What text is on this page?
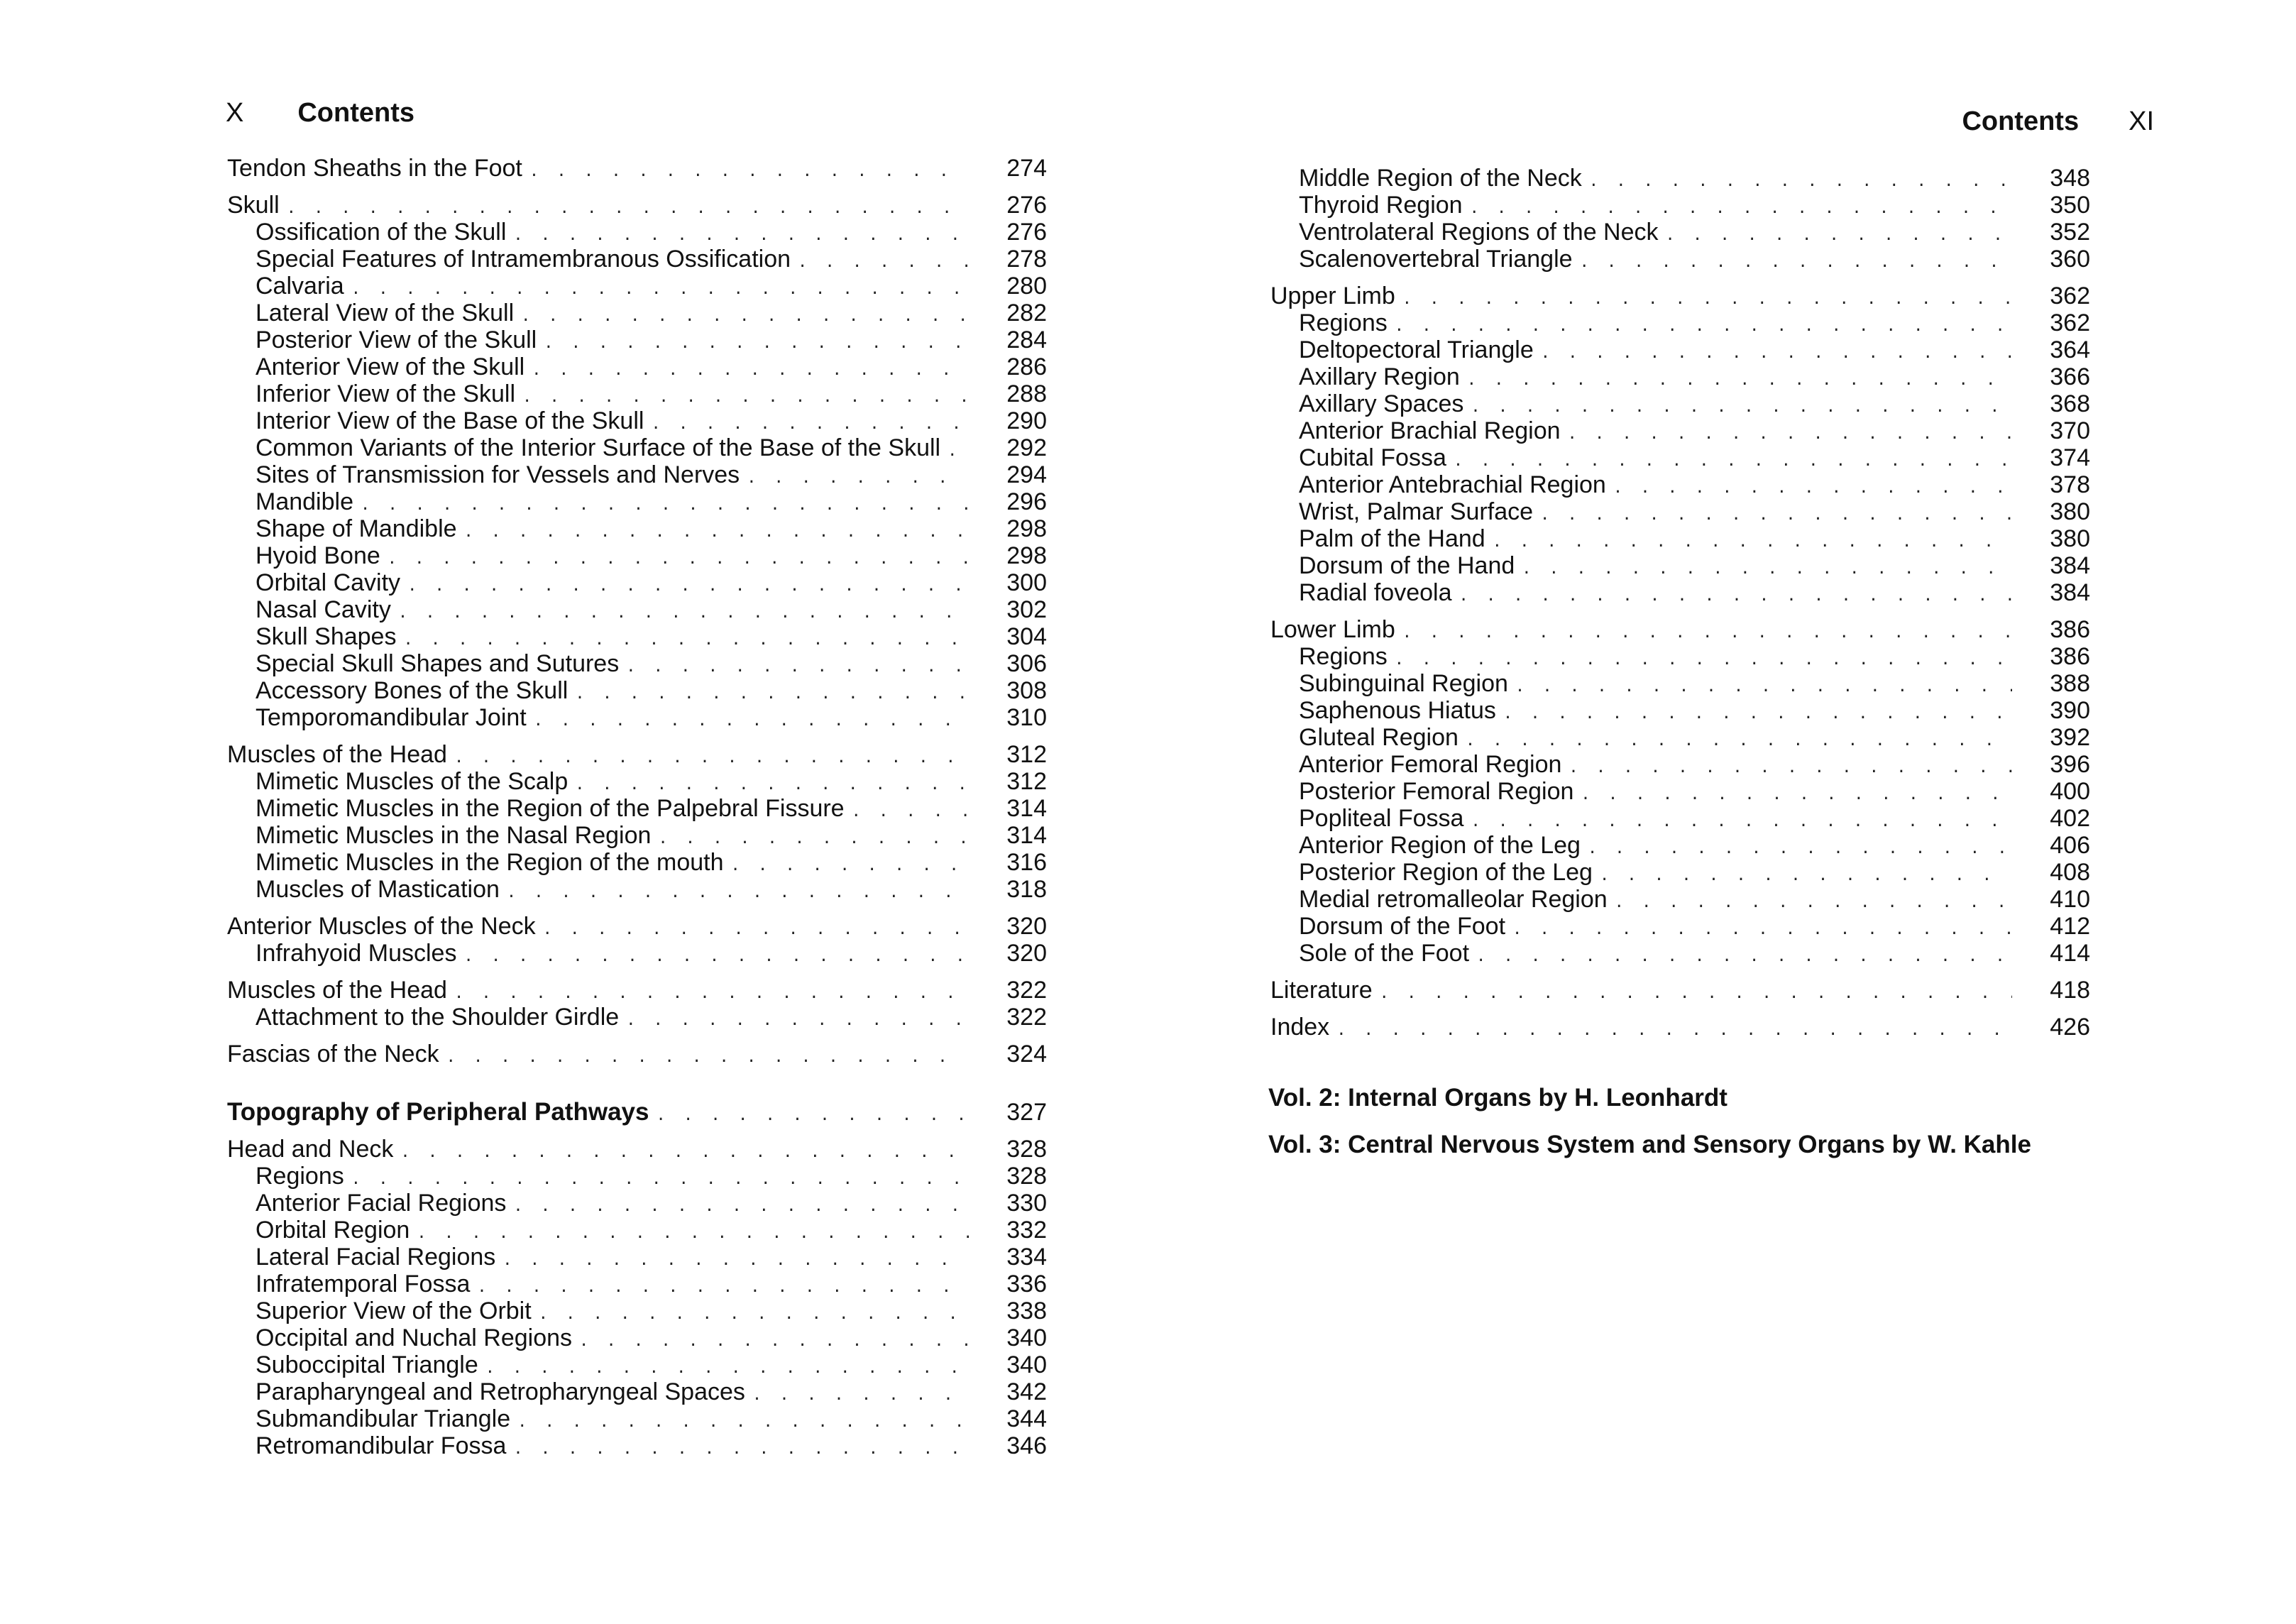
X Contents
Tendon Sheaths in the Foot . . .	274
Skull . . .	276
Ossification of the Skull . . .	276
Special Features of Intramembranous Ossification . . .	278
Calvaria . . .	280
Lateral View of the Skull . . .	282
Posterior View of the Skull . . .	284
Anterior View of the Skull . . .	286
Inferior View of the Skull . . .	288
Interior View of the Base of the Skull . . .	290
Common Variants of the Interior Surface of the Base of the Skull . . .	292
Sites of Transmission for Vessels and Nerves . . .	294
Mandible . . .	296
Shape of Mandible . . .	298
Hyoid Bone . . .	298
Orbital Cavity . . .	300
Nasal Cavity . . .	302
Skull Shapes . . .	304
Special Skull Shapes and Sutures . . .	306
Accessory Bones of the Skull . . .	308
Temporomandibular Joint . . .	310
Muscles of the Head . . .	312
Mimetic Muscles of the Scalp . . .	312
Mimetic Muscles in the Region of the Palpebral Fissure . . .	314
Mimetic Muscles in the Nasal Region . . .	314
Mimetic Muscles in the Region of the mouth . . .	316
Muscles of Mastication . . .	318
Anterior Muscles of the Neck . . .	320
Infrahyoid Muscles . . .	320
Muscles of the Head . . .	322
Attachment to the Shoulder Girdle . . .	322
Fascias of the Neck . . .	324
Topography of Peripheral Pathways . . .	327
Head and Neck . . .	328
Regions . . .	328
Anterior Facial Regions . . .	330
Orbital Region . . .	332
Lateral Facial Regions . . .	334
Infratemporal Fossa . . .	336
Superior View of the Orbit . . .	338
Occipital and Nuchal Regions . . .	340
Suboccipital Triangle . . .	340
Parapharyngeal and Retropharyngeal Spaces . . .	342
Submandibular Triangle . . .	344
Retromandibular Fossa . . .	346
Contents XI
Middle Region of the Neck . . .	348
Thyroid Region . . .	350
Ventrolateral Regions of the Neck . . .	352
Scalenovertebral Triangle . . .	360
Upper Limb . . .	362
Regions . . .	362
Deltopectoral Triangle . . .	364
Axillary Region . . .	366
Axillary Spaces . . .	368
Anterior Brachial Region . . .	370
Cubital Fossa . . .	374
Anterior Antebrachial Region . . .	378
Wrist, Palmar Surface . . .	380
Palm of the Hand . . .	380
Dorsum of the Hand . . .	384
Radial foveola . . .	384
Lower Limb . . .	386
Regions . . .	386
Subinguinal Region . . .	388
Saphenous Hiatus . . .	390
Gluteal Region . . .	392
Anterior Femoral Region . . .	396
Posterior Femoral Region . . .	400
Popliteal Fossa . . .	402
Anterior Region of the Leg . . .	406
Posterior Region of the Leg . . .	408
Medial retromalleolar Region . . .	410
Dorsum of the Foot . . .	412
Sole of the Foot . . .	414
Literature . . .	418
Index . . .	426
Vol. 2: Internal Organs by H. Leonhardt
Vol. 3: Central Nervous System and Sensory Organs by W. Kahle
